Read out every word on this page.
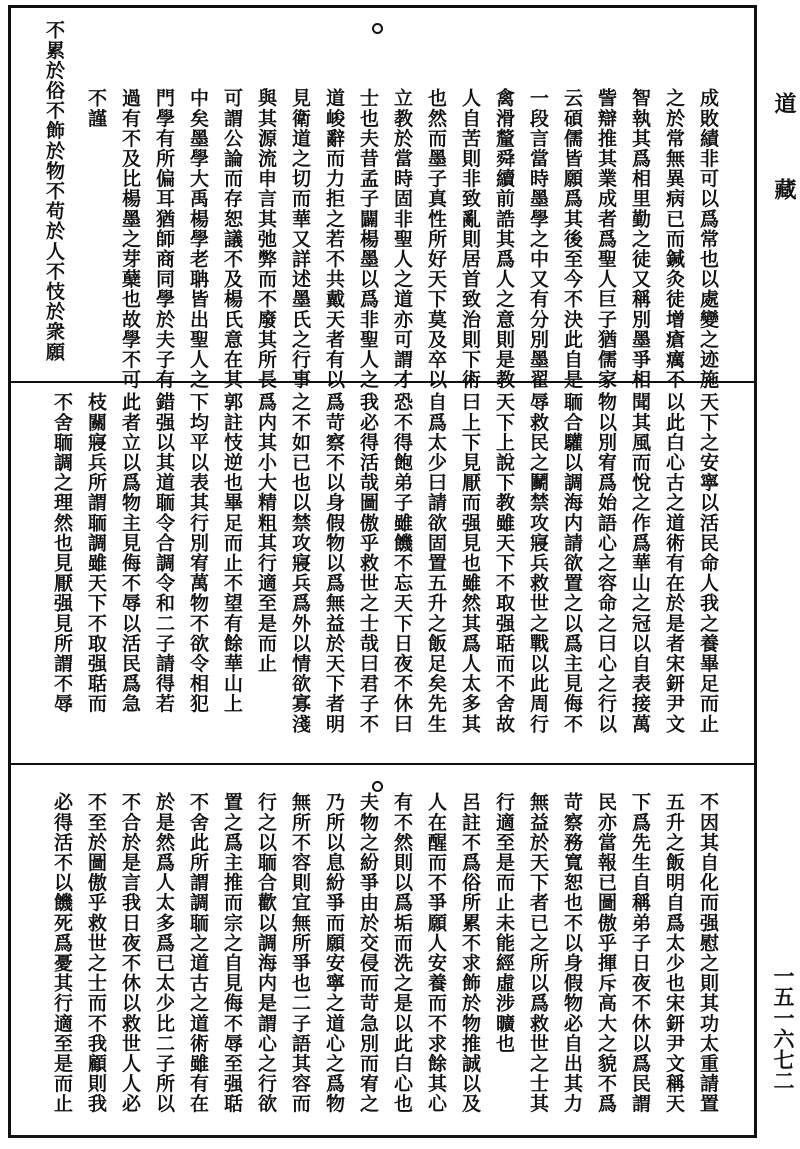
道
藏
一五一六七二
成敗績非可以爲常也以處變之迹施
之於常無異病已而鍼灸徒增瘡癘不
智執其爲相里勤之徒又稱別墨爭相
訾辯推其業成者爲聖人巨子猶儒家
云碩儒皆願爲其後至今不決此自是
一段言當時墨學之中又有分別墨翟
禽滑釐舜續前誥其爲人之意則是教
人自苦則非致亂則居首致治則下術
也然而墨子真性所好天下莫及卒以
立教於當時固非聖人之道亦可謂才
士也夫昔孟子闢楊墨以爲非聖人之
道峻辭而力拒之若不共戴天者有以
見衛道之切而華又詳述墨氏之行事
與其源流申言其弛弊而不廢其所長
可謂公論而存恕議不及楊氏意在其
中矣墨學大禹楊學老聃皆出聖人之
門學有所偏耳猶師商同學於夫子有
過有不及比楊墨之芽蘖也故學不可
不謹
不累於俗不飾於物不苟於人不忮於衆願
天下之安寧以活民命人我之養畢足而止
以此白心古之道術有在於是者宋鈃尹文
聞其風而悅之作爲華山之冠以自表接萬
物以別宥爲始語心之容命之曰心之行以
聏合驩以調海内請欲置之以爲主見侮不
辱救民之鬭禁攻寢兵救世之戰以此周行
天下上說下教雖天下不取强聒而不舍故
曰上下見厭而强見也雖然其爲人太多其
自爲太少曰請欲固置五升之飯足矣先生
恐不得飽弟子雖饑不忘天下日夜不休曰
我必得活哉圖傲乎救世之士哉曰君子不
爲苛察不以身假物以爲無益於天下者明
之不如已也以禁攻寢兵爲外以情欲寡淺
爲内其小大精粗其行適至是而止
郭註忮逆也畢足而止不望有餘華山上
下均平以表其行別宥萬物不欲令相犯
錯强以其道聏令合調令和二子請得若
此者立以爲物主見侮不辱以活民爲急
枝關寢兵所謂聏調雖天下不取强聒而
不舍聏調之理然也見厭强見所謂不辱
不因其自化而强慰之則其功太重請置
五升之飯明自爲太少也宋鈃尹文稱天
下爲先生自稱弟子日夜不休以爲民謂
民亦當報已圖傲乎揮斥高大之貌不爲
苛察務寬恕也不以身假物必自出其力
無益於天下者已之所以爲救世之士其
行適至是而止未能經虛涉曠也
呂註不爲俗所累不求飾於物推誠以及
人在醒而不爭願人安養而不求餘其心
有不然則以爲垢而洗之是以此白心也
夫物之紛爭由於交侵而苛急別而宥之
乃所以息紛爭而願安寧之道心之爲物
無所不容則宜無所爭也二子語其容而
行之以聏合歡以調海内是謂心之行欲
置之爲主推而宗之自見侮不辱至强聒
不舍此所謂調聏之道古之道術雖有在
於是然爲人太多爲已太少比二子所以
不合於是言我日夜不休以救世人人必
不至於圖傲乎救世之士而不我顧則我
必得活不以饑死爲憂其行適至是而止
